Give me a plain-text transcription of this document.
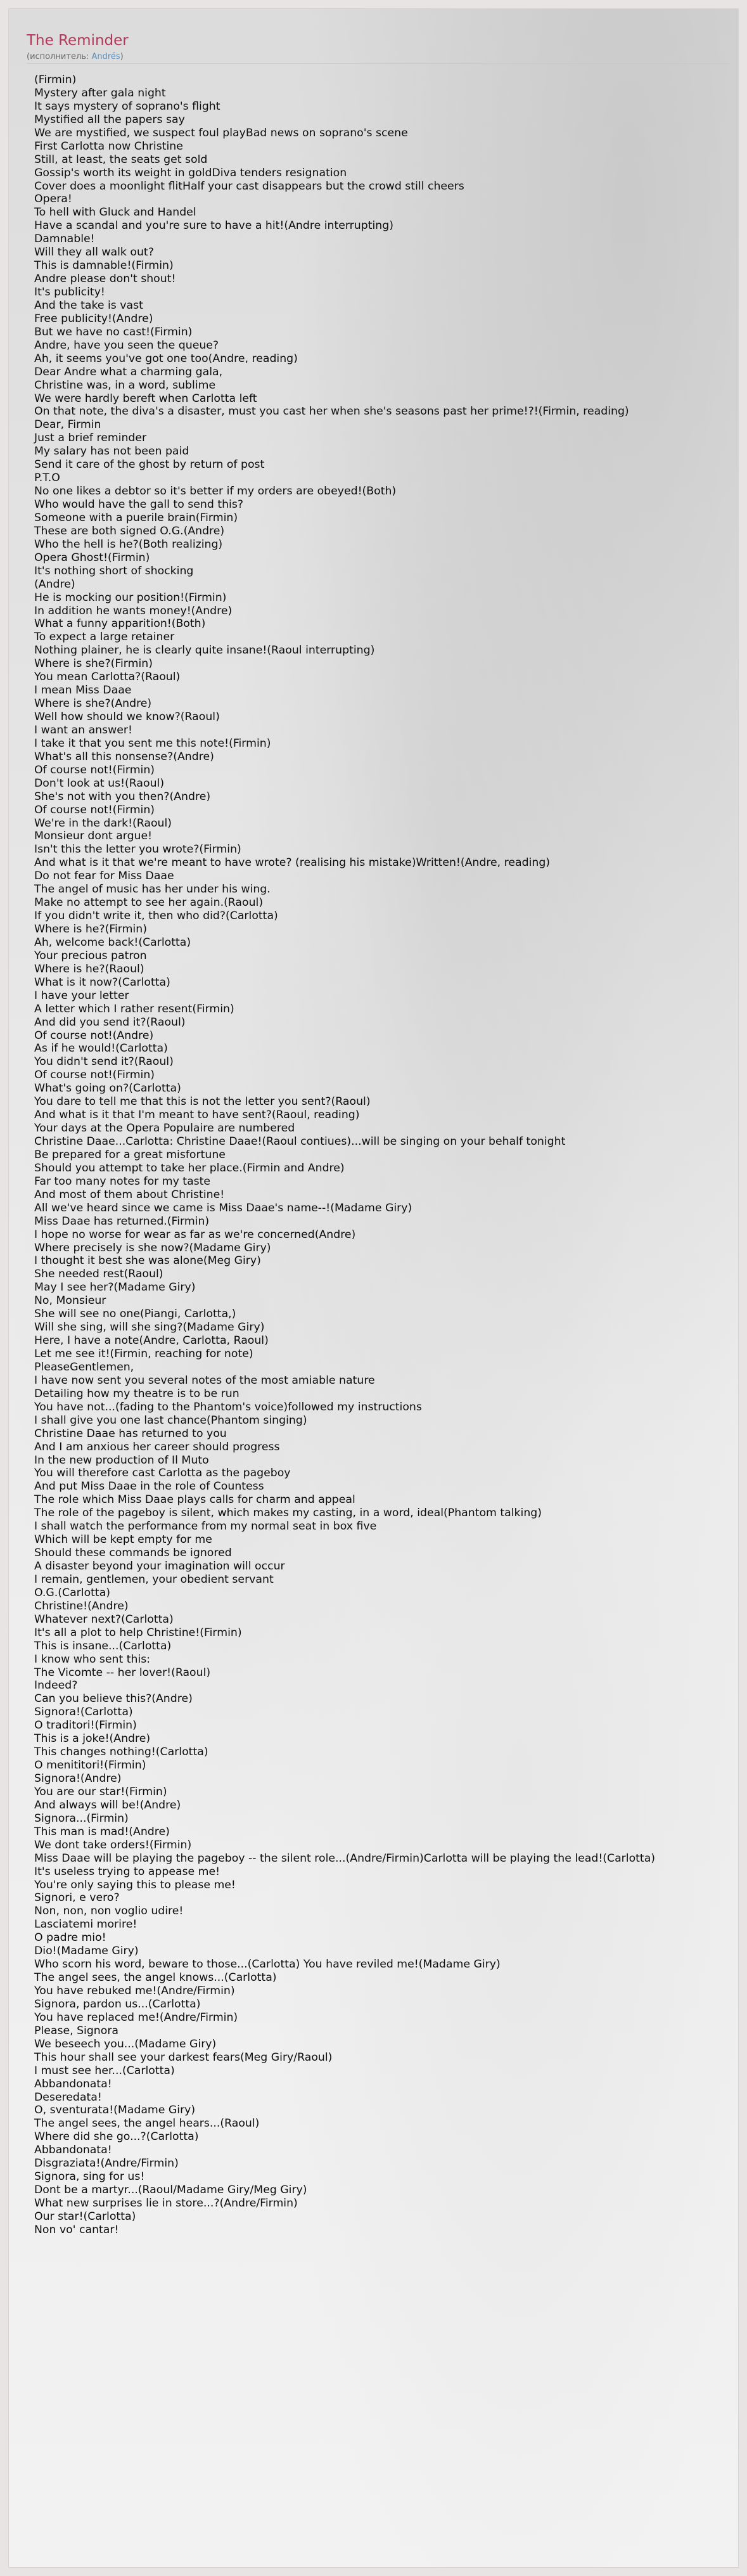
The Reminder
(исполнитель: Andrés)
(Firmin)
Mystery after gala night
It says mystery of soprano's flight
Mystified all the papers say
We are mystified, we suspect foul playBad news on soprano's scene
First Carlotta now Christine
Still, at least, the seats get sold
Gossip's worth its weight in goldDiva tenders resignation
Cover does a moonlight flitHalf your cast disappears but the crowd still cheers
Opera!
To hell with Gluck and Handel
Have a scandal and you're sure to have a hit!(Andre interrupting)
Damnable!
Will they all walk out?
This is damnable!(Firmin)
Andre please don't shout!
It's publicity!
And the take is vast
Free publicity!(Andre)
But we have no cast!(Firmin)
Andre, have you seen the queue?
Ah, it seems you've got one too(Andre, reading)
Dear Andre what a charming gala,
Christine was, in a word, sublime
We were hardly bereft when Carlotta left
On that note, the diva's a disaster, must you cast her when she's seasons past her prime!?!(Firmin, reading)
Dear, Firmin
Just a brief reminder
My salary has not been paid
Send it care of the ghost by return of post
P.T.O
No one likes a debtor so it's better if my orders are obeyed!(Both)
Who would have the gall to send this?
Someone with a puerile brain(Firmin)
These are both signed O.G.(Andre)
Who the hell is he?(Both realizing)
Opera Ghost!(Firmin)
It's nothing short of shocking
(Andre)
He is mocking our position!(Firmin)
In addition he wants money!(Andre)
What a funny apparition!(Both)
To expect a large retainer
Nothing plainer, he is clearly quite insane!(Raoul interrupting)
Where is she?(Firmin)
You mean Carlotta?(Raoul)
I mean Miss Daae
Where is she?(Andre)
Well how should we know?(Raoul)
I want an answer!
I take it that you sent me this note!(Firmin)
What's all this nonsense?(Andre)
Of course not!(Firmin)
Don't look at us!(Raoul)
She's not with you then?(Andre)
Of course not!(Firmin)
We're in the dark!(Raoul)
Monsieur dont argue!
Isn't this the letter you wrote?(Firmin)
And what is it that we're meant to have wrote? (realising his mistake)Written!(Andre, reading)
Do not fear for Miss Daae
The angel of music has her under his wing.
Make no attempt to see her again.(Raoul)
If you didn't write it, then who did?(Carlotta)
Where is he?(Firmin)
Ah, welcome back!(Carlotta)
Your precious patron
Where is he?(Raoul)
What is it now?(Carlotta)
I have your letter
A letter which I rather resent(Firmin)
And did you send it?(Raoul)
Of course not!(Andre)
As if he would!(Carlotta)
You didn't send it?(Raoul)
Of course not!(Firmin)
What's going on?(Carlotta)
You dare to tell me that this is not the letter you sent?(Raoul)
And what is it that I'm meant to have sent?(Raoul, reading)
Your days at the Opera Populaire are numbered
Christine Daae...Carlotta: Christine Daae!(Raoul contiues)...will be singing on your behalf tonight
Be prepared for a great misfortune
Should you attempt to take her place.(Firmin and Andre)
Far too many notes for my taste
And most of them about Christine!
All we've heard since we came is Miss Daae's name--!(Madame Giry)
Miss Daae has returned.(Firmin)
I hope no worse for wear as far as we're concerned(Andre)
Where precisely is she now?(Madame Giry)
I thought it best she was alone(Meg Giry)
She needed rest(Raoul)
May I see her?(Madame Giry)
No, Monsieur
She will see no one(Piangi, Carlotta,)
Will she sing, will she sing?(Madame Giry)
Here, I have a note(Andre, Carlotta, Raoul)
Let me see it!(Firmin, reaching for note)
PleaseGentlemen,
I have now sent you several notes of the most amiable nature
Detailing how my theatre is to be run
You have not...(fading to the Phantom's voice)followed my instructions
I shall give you one last chance(Phantom singing)
Christine Daae has returned to you
And I am anxious her career should progress
In the new production of Il Muto
You will therefore cast Carlotta as the pageboy
And put Miss Daae in the role of Countess
The role which Miss Daae plays calls for charm and appeal
The role of the pageboy is silent, which makes my casting, in a word, ideal(Phantom talking)
I shall watch the performance from my normal seat in box five
Which will be kept empty for me
Should these commands be ignored
A disaster beyond your imagination will occur
I remain, gentlemen, your obedient servant
O.G.(Carlotta)
Christine!(Andre)
Whatever next?(Carlotta)
It's all a plot to help Christine!(Firmin)
This is insane...(Carlotta)
I know who sent this:
The Vicomte -- her lover!(Raoul)
Indeed?
Can you believe this?(Andre)
Signora!(Carlotta)
O traditori!(Firmin)
This is a joke!(Andre)
This changes nothing!(Carlotta)
O menititori!(Firmin)
Signora!(Andre)
You are our star!(Firmin)
And always will be!(Andre)
Signora...(Firmin)
This man is mad!(Andre)
We dont take orders!(Firmin)
Miss Daae will be playing the pageboy -- the silent role...(Andre/Firmin)Carlotta will be playing the lead!(Carlotta)
It's useless trying to appease me!
You're only saying this to please me!
Signori, e vero?
Non, non, non voglio udire!
Lasciatemi morire!
O padre mio!
Dio!(Madame Giry)
Who scorn his word, beware to those...(Carlotta) You have reviled me!(Madame Giry)
The angel sees, the angel knows...(Carlotta)
You have rebuked me!(Andre/Firmin)
Signora, pardon us...(Carlotta)
You have replaced me!(Andre/Firmin)
Please, Signora
We beseech you...(Madame Giry)
This hour shall see your darkest fears(Meg Giry/Raoul)
I must see her...(Carlotta)
Abbandonata!
Deseredata!
O, sventurata!(Madame Giry)
The angel sees, the angel hears...(Raoul)
Where did she go...?(Carlotta)
Abbandonata!
Disgraziata!(Andre/Firmin)
Signora, sing for us!
Dont be a martyr...(Raoul/Madame Giry/Meg Giry)
What new surprises lie in store...?(Andre/Firmin)
Our star!(Carlotta)
Non vo' cantar!
